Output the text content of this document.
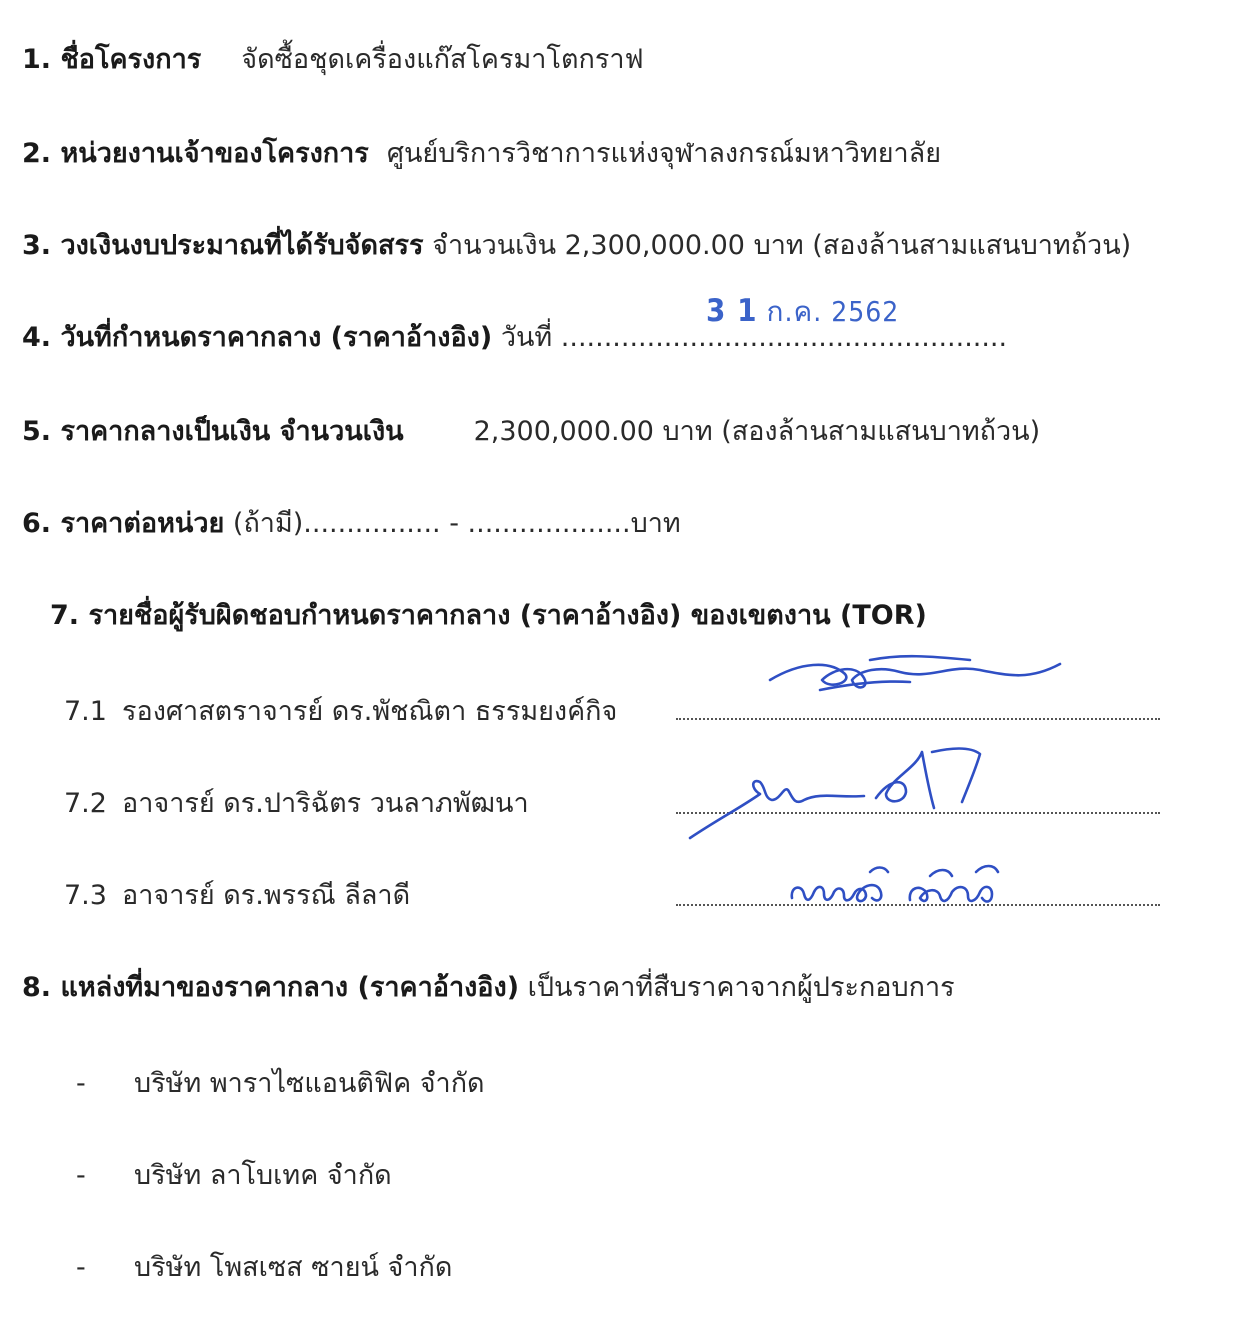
1. ชื่อโครงการ จัดซื้อชุดเครื่องแก๊สโครมาโตกราฟ
2. หน่วยงานเจ้าของโครงการ ศูนย์บริการวิชาการแห่งจุฬาลงกรณ์มหาวิทยาลัย
3. วงเงินงบประมาณที่ได้รับจัดสรร จำนวนเงิน 2,300,000.00 บาท (สองล้านสามแสนบาทถ้วน)
4. วันที่กำหนดราคากลาง (ราคาอ้างอิง) วันที่ ....................................................
3 1 ก.ค. 2562
5. ราคากลางเป็นเงิน จำนวนเงิน	2,300,000.00 บาท (สองล้านสามแสนบาทถ้วน)
6. ราคาต่อหน่วย (ถ้ามี)................ - ...................บาท
7. รายชื่อผู้รับผิดชอบกำหนดราคากลาง (ราคาอ้างอิง) ของเขตงาน (TOR)
7.1 รองศาสตราจารย์ ดร.พัชณิตา ธรรมยงค์กิจ
7.2 อาจารย์ ดร.ปาริฉัตร วนลาภพัฒนา
7.3 อาจารย์ ดร.พรรณี ลีลาดี
8. แหล่งที่มาของราคากลาง (ราคาอ้างอิง) เป็นราคาที่สืบราคาจากผู้ประกอบการ
- บริษัท พาราไซแอนติฟิค จำกัด
- บริษัท ลาโบเทค จำกัด
- บริษัท โพสเซส ซายน์ จำกัด
